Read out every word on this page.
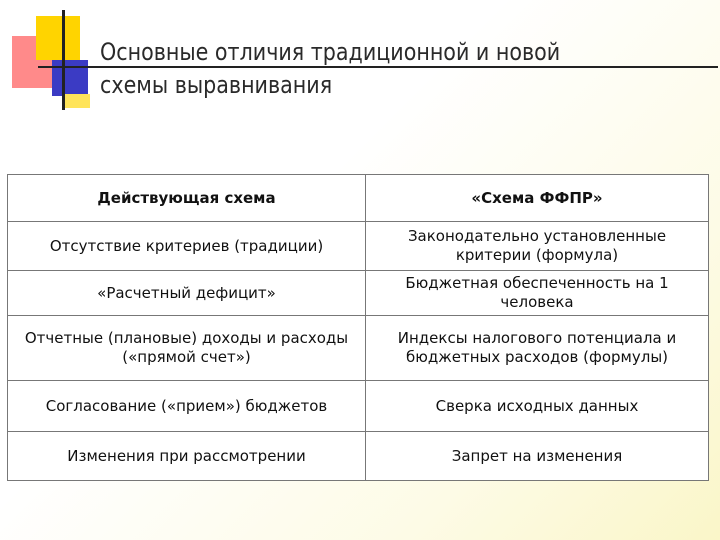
Основные отличия традиционной и новой
схемы выравнивания
Действующая схема	«Схема ФФПР»
Отсутствие критериев (традиции)	Законодательно установленные критерии (формула)
«Расчетный дефицит»	Бюджетная обеспеченность на 1 человека
Отчетные (плановые) доходы и расходы («прямой счет»)	Индексы налогового потенциала и бюджетных расходов (формулы)
Согласование («прием») бюджетов	Сверка исходных данных
Изменения при рассмотрении	Запрет на изменения
